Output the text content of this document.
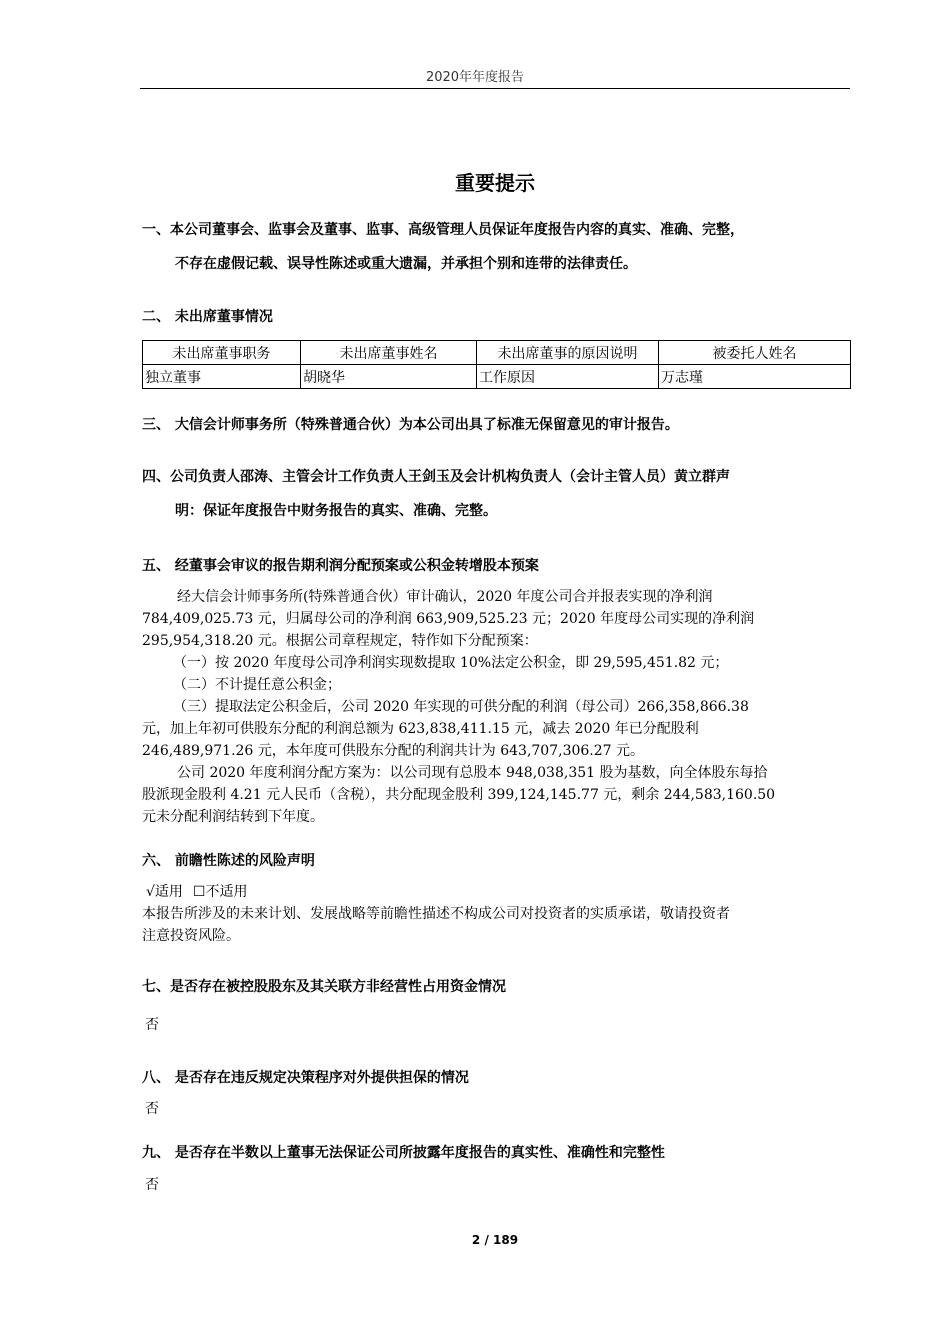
2020年年度报告
重要提示
一、本公司董事会、监事会及董事、监事、高级管理人员保证年度报告内容的真实、准确、完整，
不存在虚假记载、误导性陈述或重大遗漏，并承担个别和连带的法律责任。
二、 未出席董事情况
未出席董事职务	未出席董事姓名	未出席董事的原因说明	被委托人姓名
独立董事	胡晓华	工作原因	万志瑾
三、 大信会计师事务所（特殊普通合伙）为本公司出具了标准无保留意见的审计报告。
四、公司负责人邵涛、主管会计工作负责人王剑玉及会计机构负责人（会计主管人员）黄立群声
明：保证年度报告中财务报告的真实、准确、完整。
五、 经董事会审议的报告期利润分配预案或公积金转增股本预案
经大信会计师事务所(特殊普通合伙）审计确认，2020 年度公司合并报表实现的净利润
784,409,025.73 元，归属母公司的净利润 663,909,525.23 元；2020 年度母公司实现的净利润
295,954,318.20 元。根据公司章程规定，特作如下分配预案：
（一）按 2020 年度母公司净利润实现数提取 10%法定公积金，即 29,595,451.82 元；
（二）不计提任意公积金；
（三）提取法定公积金后，公司 2020 年实现的可供分配的利润（母公司）266,358,866.38
元，加上年初可供股东分配的利润总额为 623,838,411.15 元，减去 2020 年已分配股利
246,489,971.26 元，本年度可供股东分配的利润共计为 643,707,306.27 元。
公司 2020 年度利润分配方案为：以公司现有总股本 948,038,351 股为基数，向全体股东每拾
股派现金股利 4.21 元人民币（含税），共分配现金股利 399,124,145.77 元，剩余 244,583,160.50
元未分配利润结转到下年度。
六、 前瞻性陈述的风险声明
√适用 ☐不适用
本报告所涉及的未来计划、发展战略等前瞻性描述不构成公司对投资者的实质承诺，敬请投资者
注意投资风险。
七、是否存在被控股股东及其关联方非经营性占用资金情况
否
八、 是否存在违反规定决策程序对外提供担保的情况
否
九、 是否存在半数以上董事无法保证公司所披露年度报告的真实性、准确性和完整性
否
2 / 189
